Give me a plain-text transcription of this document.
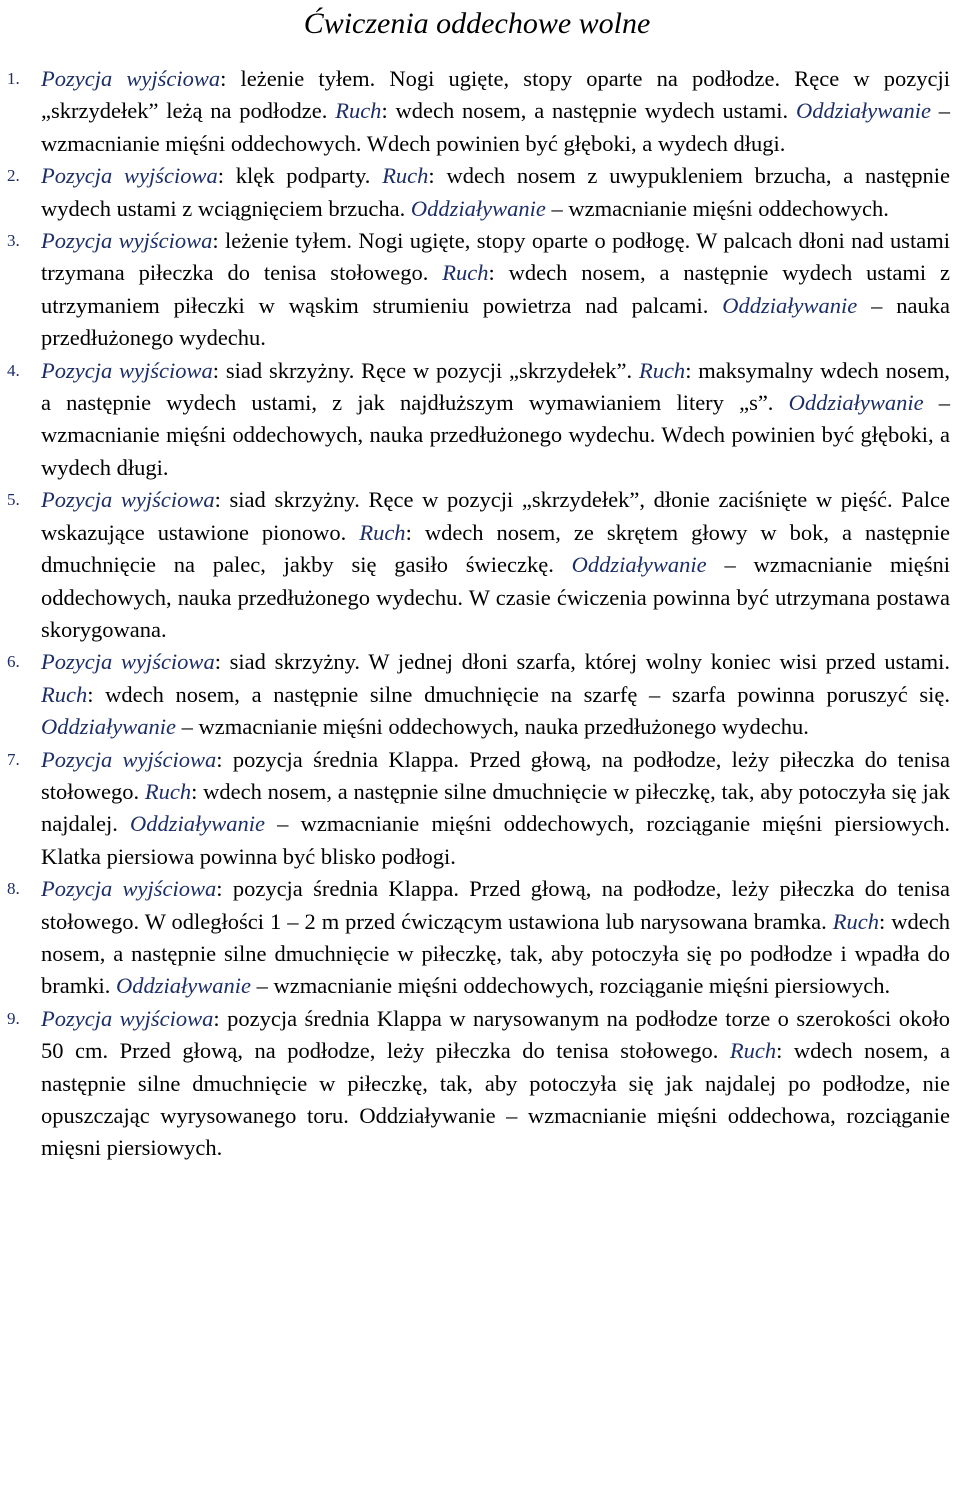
Ćwiczenia oddechowe wolne
1. Pozycja wyjściowa: leżenie tyłem. Nogi ugięte, stopy oparte na podłodze. Ręce w pozycji „skrzydełek” leżą na podłodze. Ruch: wdech nosem, a następnie wydech ustami. Oddziaływanie – wzmacnianie mięśni oddechowych. Wdech powinien być głęboki, a wydech długi.
2. Pozycja wyjściowa: klęk podparty. Ruch: wdech nosem z uwypukleniem brzucha, a następnie wydech ustami z wciągnięciem brzucha. Oddziaływanie – wzmacnianie mięśni oddechowych.
3. Pozycja wyjściowa: leżenie tyłem. Nogi ugięte, stopy oparte o podłogę. W palcach dłoni nad ustami trzymana piłeczka do tenisa stołowego. Ruch: wdech nosem, a następnie wydech ustami z utrzymaniem piłeczki w wąskim strumieniu powietrza nad palcami. Oddziaływanie – nauka przedłużonego wydechu.
4. Pozycja wyjściowa: siad skrzyżny. Ręce w pozycji „skrzydełek”. Ruch: maksymalny wdech nosem, a następnie wydech ustami, z jak najdłuższym wymawianiem litery „s”. Oddziaływanie – wzmacnianie mięśni oddechowych, nauka przedłużonego wydechu. Wdech powinien być głęboki, a wydech długi.
5. Pozycja wyjściowa: siad skrzyżny. Ręce w pozycji „skrzydełek”, dłonie zaciśnięte w pięść. Palce wskazujące ustawione pionowo. Ruch: wdech nosem, ze skrętem głowy w bok, a następnie dmuchnięcie na palec, jakby się gasiło świeczkę. Oddziaływanie – wzmacnianie mięśni oddechowych, nauka przedłużonego wydechu. W czasie ćwiczenia powinna być utrzymana postawa skorygowana.
6. Pozycja wyjściowa: siad skrzyżny. W jednej dłoni szarfa, której wolny koniec wisi przed ustami. Ruch: wdech nosem, a następnie silne dmuchnięcie na szarfę – szarfa powinna poruszyć się. Oddziaływanie – wzmacnianie mięśni oddechowych, nauka przedłużonego wydechu.
7. Pozycja wyjściowa: pozycja średnia Klappa. Przed głową, na podłodze, leży piłeczka do tenisa stołowego. Ruch: wdech nosem, a następnie silne dmuchnięcie w piłeczkę, tak, aby potoczyła się jak najdalej. Oddziaływanie – wzmacnianie mięśni oddechowych, rozciąganie mięśni piersiowych. Klatka piersiowa powinna być blisko podłogi.
8. Pozycja wyjściowa: pozycja średnia Klappa. Przed głową, na podłodze, leży piłeczka do tenisa stołowego. W odległości 1 – 2 m przed ćwiczącym ustawiona lub narysowana bramka. Ruch: wdech nosem, a następnie silne dmuchnięcie w piłeczkę, tak, aby potoczyła się po podłodze i wpadła do bramki. Oddziaływanie – wzmacnianie mięśni oddechowych, rozciąganie mięśni piersiowych.
9. Pozycja wyjściowa: pozycja średnia Klappa w narysowanym na podłodze torze o szerokości około 50 cm. Przed głową, na podłodze, leży piłeczka do tenisa stołowego. Ruch: wdech nosem, a następnie silne dmuchnięcie w piłeczkę, tak, aby potoczyła się jak najdalej po podłodze, nie opuszczając wyrysowanego toru. Oddziaływanie – wzmacnianie mięśni oddechowa, rozciąganie mięsni piersiowych.
